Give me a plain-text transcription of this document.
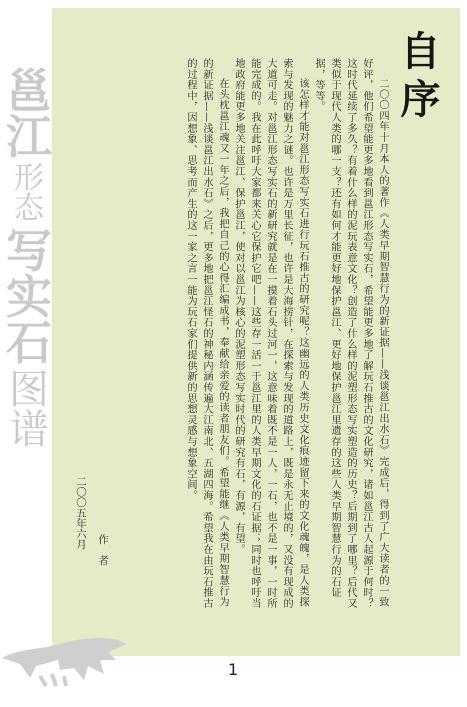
邕江
形态
写实石
图谱
自序

二〇〇四年十月本人的著作《人类早期智慧行为的新证据——浅谈邕江出水石》完成后，得到了广大读者的一致好评，他们希望能更多地看到邕江形态写实石，希望能更多地了解玩石推古的文化研究，诸如邕江古人起源于何时？这时代延续了多久？有着什么样的泥玩表意文化？创造了什么样的泥塑形态写实塑造的历史？后期到了哪里？后代又类似于现代人类的哪一支？还有如何才能更好地保护邕江、更好地保护邕江里遗存的这些人类早期智慧行为的石证据，等等。

该怎样才能对邕江形态写实石进行玩石推古的研究呢？这幽远的人类历史文化痕迹留下来的文化魂魄，是人类探索与发现的魅力之谜。也许是万里长征，也许是大海捞针，在探索与发现的道路上，既是永无止境的，又没有现成的大道可走。对邕江形态写实石的新研究就是在一摸着石头过河一，这意味着既不是一人，一石，也不是一事，一时所能完成的。我在此呼吁大家都来关心它保护它吧——这些存一活一于邕江里的人类早期文化的石证据；同时也呼吁当地政府能更多地关注邕江、保护邕江，使对以邕江为核心的泥塑形态写实时代的研究有石，有源，有望。

在头枕邕江魂又一年之后，我把自己的心得汇编成书，奉献给亲爱的读者朋友们。希望能继《人类早期智慧行为的新证据——浅谈邕江出水石》之后，更多地把邕江怪石的神秘内涵传遍大江南北、五湖四海。希望我在由玩石推古的过程中，因想象、思考而产生的这一家之言一能为玩石家们提供新的思想灵感与想象空间。

作　者
二〇〇五年六月
1
